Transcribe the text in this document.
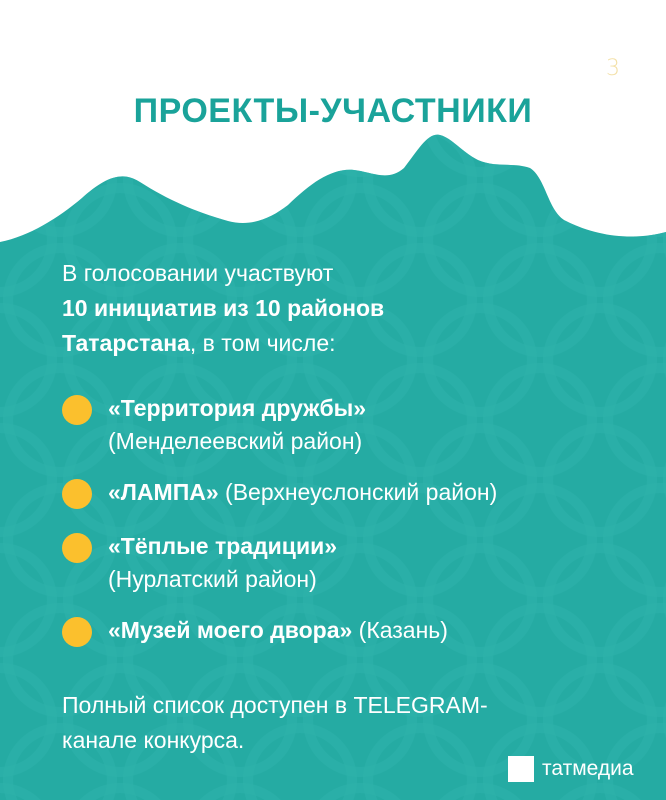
3
ПРОЕКТЫ-УЧАСТНИКИ
В голосовании участвуют
10 инициатив из 10 районов
Татарстана, в том числе:
«Территория дружбы»
(Менделеевский район)
«ЛАМПА» (Верхнеуслонский район)
«Тёплые традиции»
(Нурлатский район)
«Музей моего двора» (Казань)
Полный список доступен в TELEGRAM-
канале конкурса.
татмедиа
